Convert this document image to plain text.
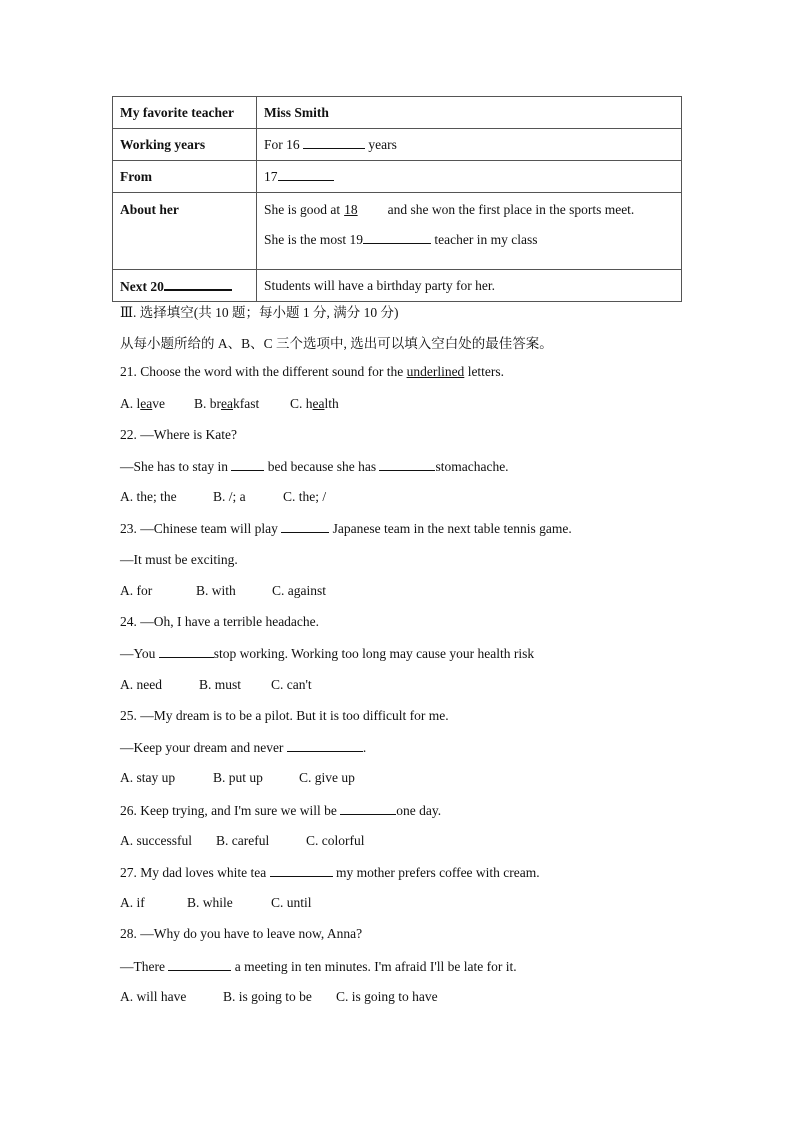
My favorite teacher	Miss Smith
Working years	For 16 years
From	17
About her	She is good at 18 and she won the first place in the sports meet.
She is the most 19 teacher in my class

Next 20	Students will have a birthday party for her.
Ⅲ. 选择填空(共 10 题；每小题 1 分, 满分 10 分)
从每小题所给的 A、B、C 三个选项中, 选出可以填入空白处的最佳答案。
21. Choose the word with the different sound for the underlined letters.
A. leave B. breakfast C. health
22. —Where is Kate?
—She has to stay in	bed because she has	stomachache.
A. the; the	B. /; a	C. the; /
23. —Chinese team will play	Japanese team in the next table tennis game.
—It must be exciting.
A. for	B. with	C. against
24. —Oh, I have a terrible headache.
—You	stop working. Working too long may cause your health risk
A. need	B. must C. can't
25. —My dream is to be a pilot. But it is too difficult for me.
—Keep your dream and never	.
A. stay up	B. put up	C. give up
26. Keep trying, and I'm sure we will be	one day.
A. successful B. careful	C. colorful
27. My dad loves white tea	my mother prefers coffee with cream.
A. if	B. while	C. until
28. —Why do you have to leave now, Anna?
—There	a meeting in ten minutes. I'm afraid I'll be late for it.
A. will have	B. is going to be C. is going to have
